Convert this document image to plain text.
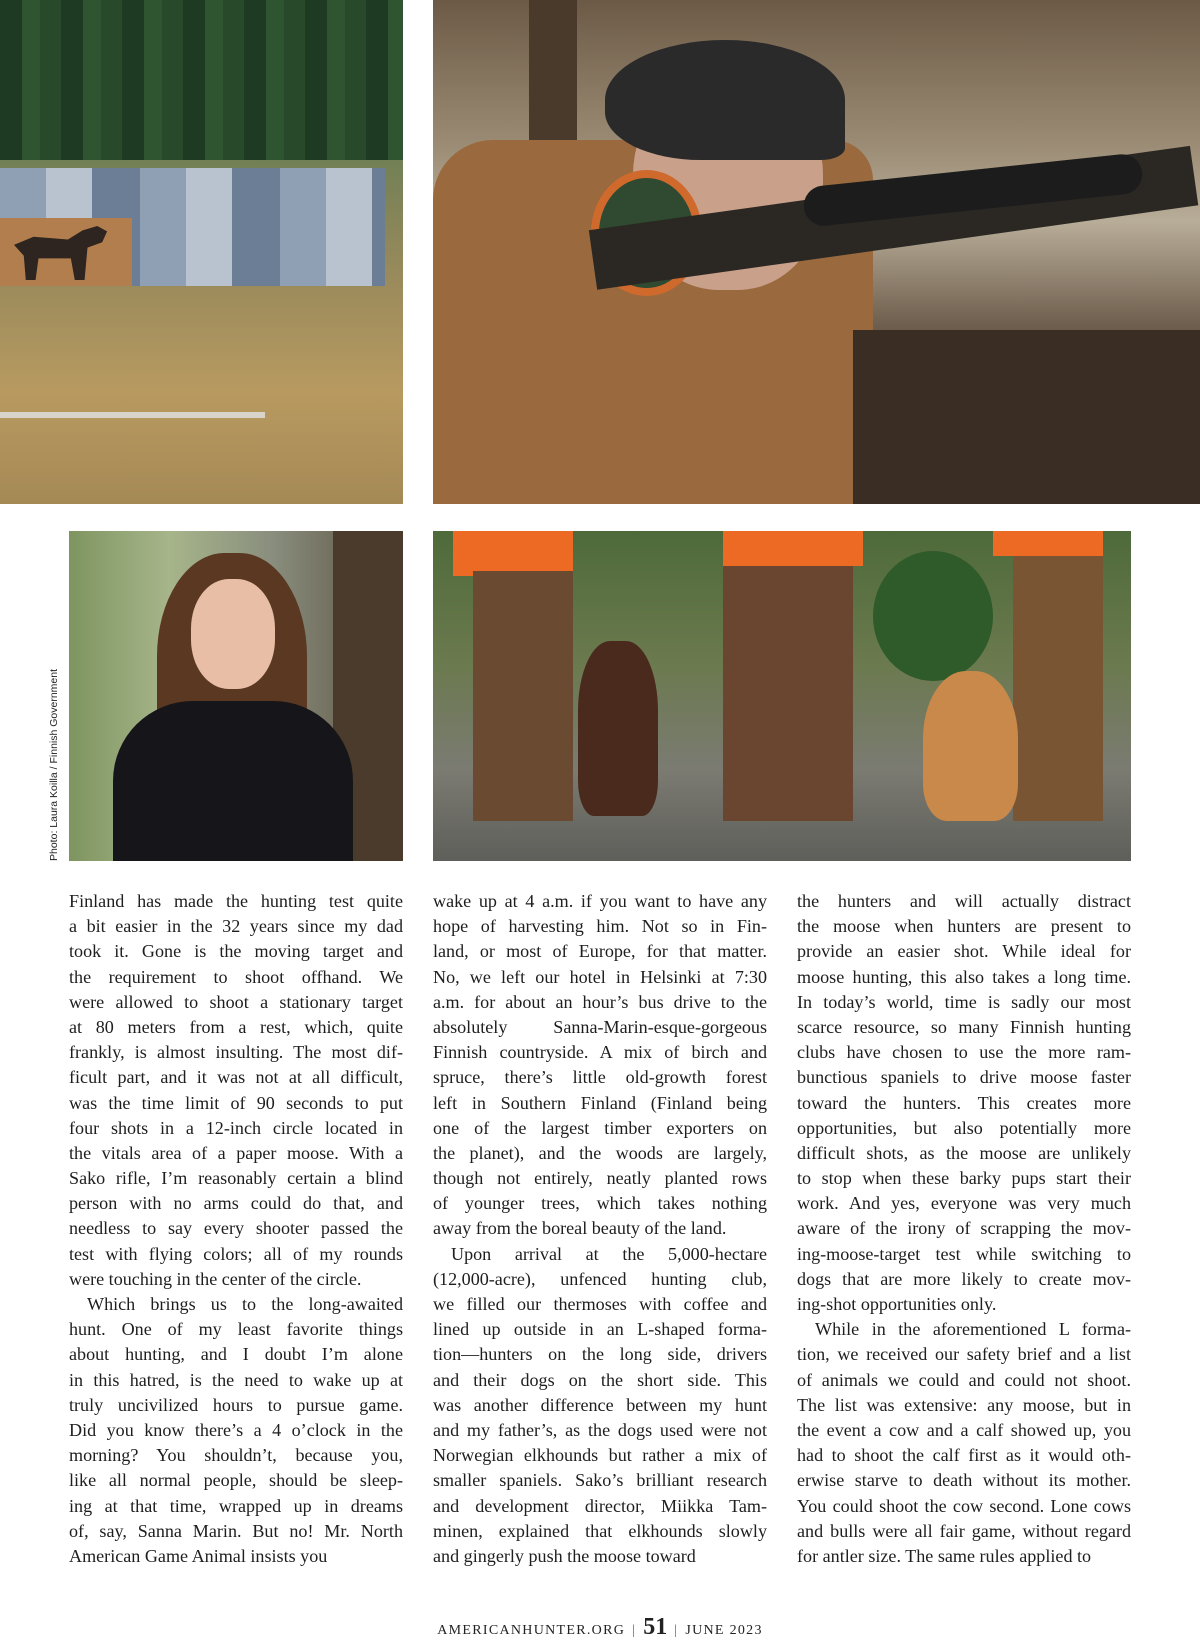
Photo: Laura Koilla / Finnish Government
Finland has made the hunting test quite
a bit easier in the 32 years since my dad
took it. Gone is the moving target and
the requirement to shoot offhand. We
were allowed to shoot a stationary target
at 80 meters from a rest, which, quite
frankly, is almost insulting. The most dif-
ficult part, and it was not at all difficult,
was the time limit of 90 seconds to put
four shots in a 12-inch circle located in
the vitals area of a paper moose. With a
Sako rifle, I’m reasonably certain a blind
person with no arms could do that, and
needless to say every shooter passed the
test with flying colors; all of my rounds
were touching in the center of the circle.
Which brings us to the long-awaited
hunt. One of my least favorite things
about hunting, and I doubt I’m alone
in this hatred, is the need to wake up at
truly uncivilized hours to pursue game.
Did you know there’s a 4 o’clock in the
morning? You shouldn’t, because you,
like all normal people, should be sleep-
ing at that time, wrapped up in dreams
of, say, Sanna Marin. But no! Mr. North
American Game Animal insists you
wake up at 4 a.m. if you want to have any
hope of harvesting him. Not so in Fin-
land, or most of Europe, for that matter.
No, we left our hotel in Helsinki at 7:30
a.m. for about an hour’s bus drive to the
absolutely Sanna-Marin-esque-gorgeous
Finnish countryside. A mix of birch and
spruce, there’s little old-growth forest
left in Southern Finland (Finland being
one of the largest timber exporters on
the planet), and the woods are largely,
though not entirely, neatly planted rows
of younger trees, which takes nothing
away from the boreal beauty of the land.
Upon arrival at the 5,000-hectare
(12,000-acre), unfenced hunting club,
we filled our thermoses with coffee and
lined up outside in an L-shaped forma-
tion—hunters on the long side, drivers
and their dogs on the short side. This
was another difference between my hunt
and my father’s, as the dogs used were not
Norwegian elkhounds but rather a mix of
smaller spaniels. Sako’s brilliant research
and development director, Miikka Tam-
minen, explained that elkhounds slowly
and gingerly push the moose toward
the hunters and will actually distract
the moose when hunters are present to
provide an easier shot. While ideal for
moose hunting, this also takes a long time.
In today’s world, time is sadly our most
scarce resource, so many Finnish hunting
clubs have chosen to use the more ram-
bunctious spaniels to drive moose faster
toward the hunters. This creates more
opportunities, but also potentially more
difficult shots, as the moose are unlikely
to stop when these barky pups start their
work. And yes, everyone was very much
aware of the irony of scrapping the mov-
ing-moose-target test while switching to
dogs that are more likely to create mov-
ing-shot opportunities only.
While in the aforementioned L forma-
tion, we received our safety brief and a list
of animals we could and could not shoot.
The list was extensive: any moose, but in
the event a cow and a calf showed up, you
had to shoot the calf first as it would oth-
erwise starve to death without its mother.
You could shoot the cow second. Lone cows
and bulls were all fair game, without regard
for antler size. The same rules applied to
AMERICANHUNTER.ORG | 51 | JUNE 2023
